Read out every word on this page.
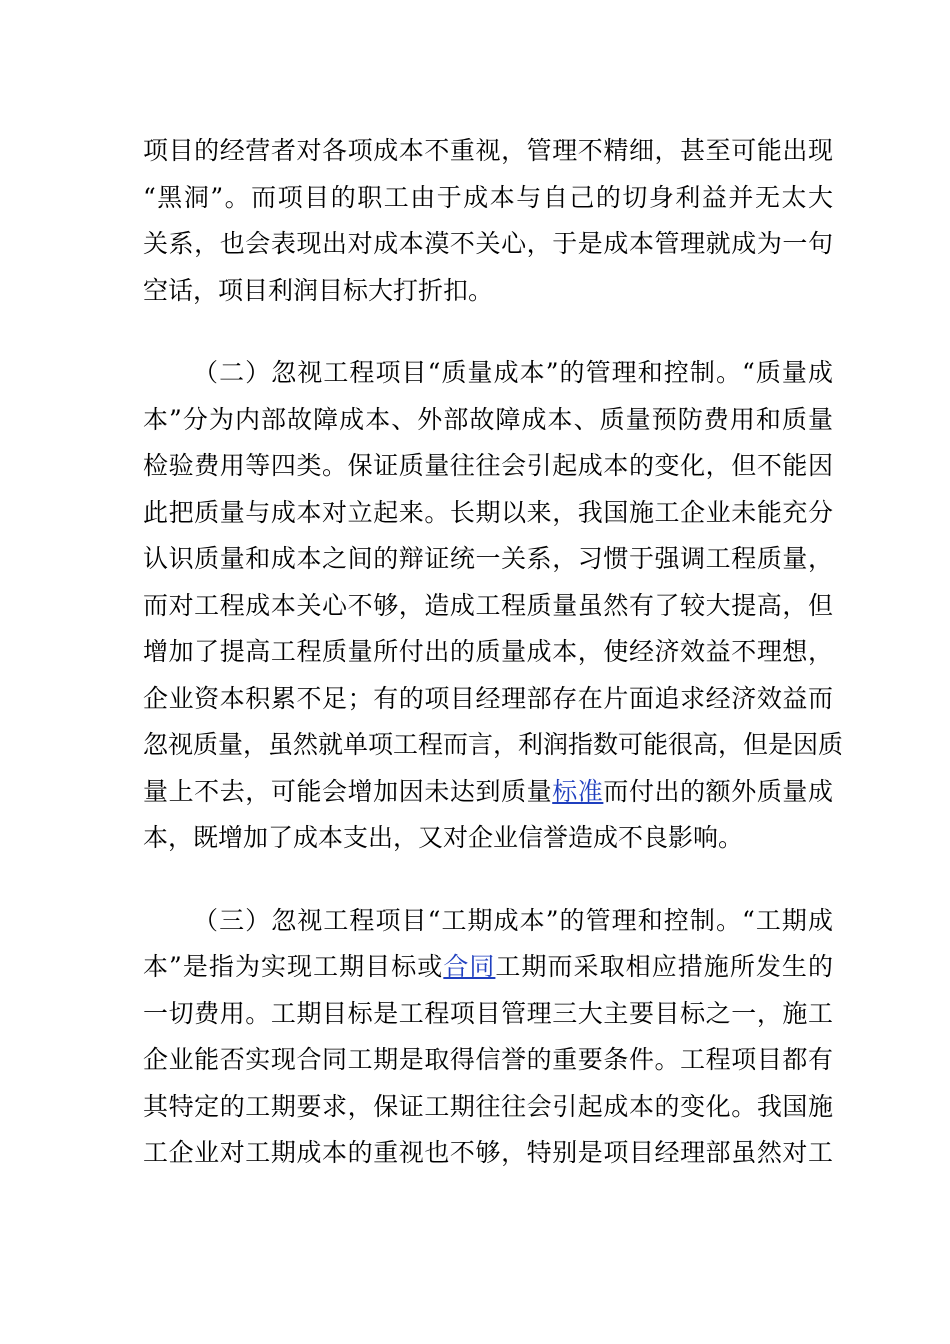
项目的经营者对各项成本不重视，管理不精细，甚至可能出现
“黑洞”。而项目的职工由于成本与自己的切身利益并无太大
关系，也会表现出对成本漠不关心，于是成本管理就成为一句
空话，项目利润目标大打折扣。
（二）忽视工程项目“质量成本”的管理和控制。“质量成
本”分为内部故障成本、外部故障成本、质量预防费用和质量
检验费用等四类。保证质量往往会引起成本的变化，但不能因
此把质量与成本对立起来。长期以来，我国施工企业未能充分
认识质量和成本之间的辩证统一关系，习惯于强调工程质量，
而对工程成本关心不够，造成工程质量虽然有了较大提高，但
增加了提高工程质量所付出的质量成本，使经济效益不理想，
企业资本积累不足；有的项目经理部存在片面追求经济效益而
忽视质量，虽然就单项工程而言，利润指数可能很高，但是因质
量上不去，可能会增加因未达到质量标准而付出的额外质量成
本，既增加了成本支出，又对企业信誉造成不良影响。
（三）忽视工程项目“工期成本”的管理和控制。“工期成
本”是指为实现工期目标或合同工期而采取相应措施所发生的
一切费用。工期目标是工程项目管理三大主要目标之一，施工
企业能否实现合同工期是取得信誉的重要条件。工程项目都有
其特定的工期要求，保证工期往往会引起成本的变化。我国施
工企业对工期成本的重视也不够，特别是项目经理部虽然对工
